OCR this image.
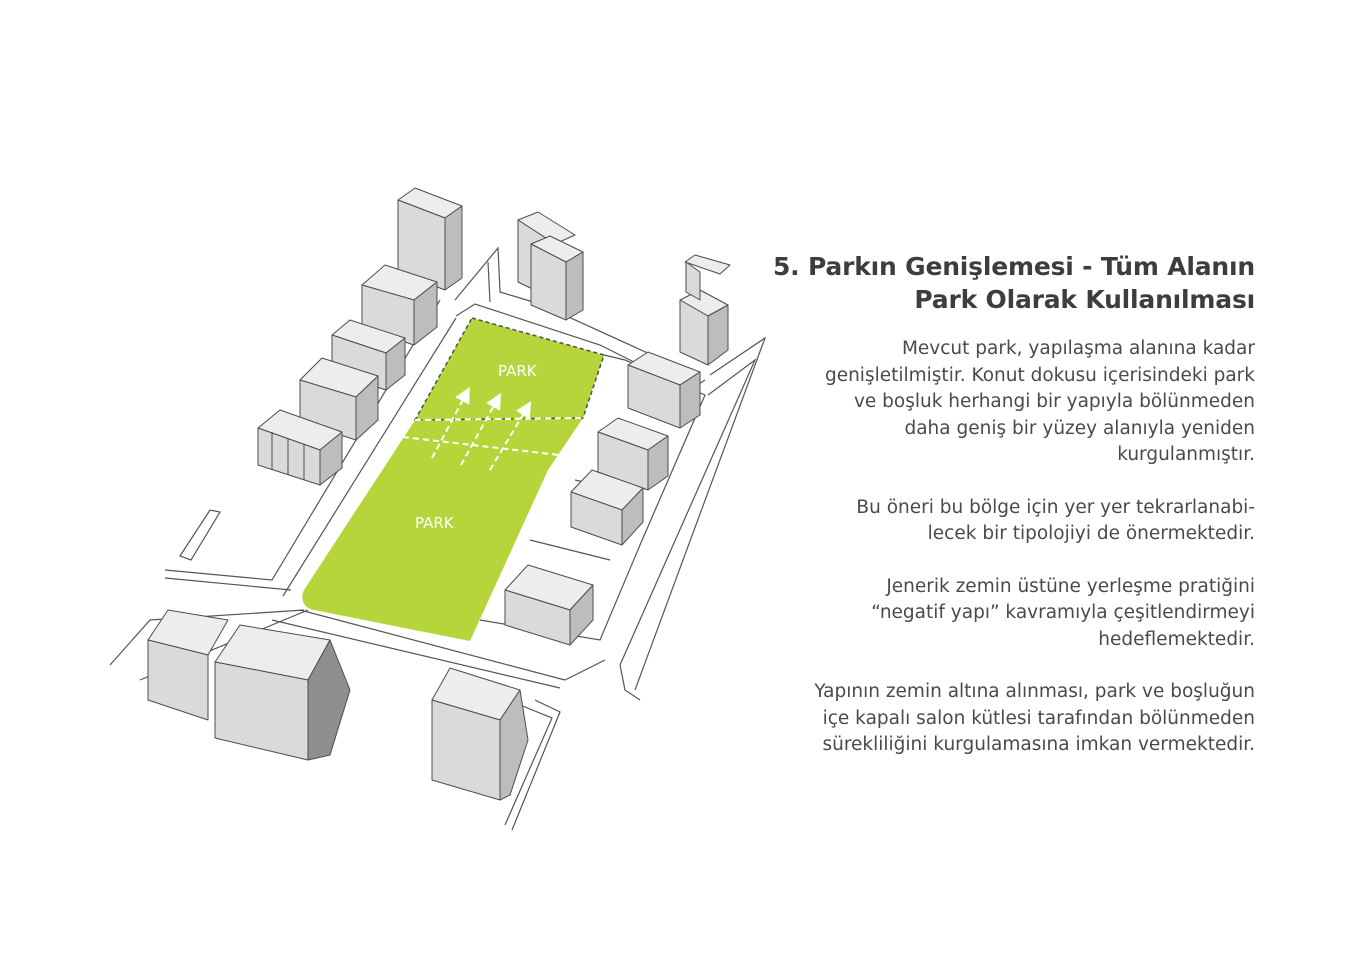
PARK
PARK
5. Parkın Genişlemesi - Tüm Alanın
Park Olarak Kullanılması
Mevcut park, yapılaşma alanına kadar
genişletilmiştir. Konut dokusu içerisindeki park
ve boşluk herhangi bir yapıyla bölünmeden
daha geniş bir yüzey alanıyla yeniden
kurgulanmıştır.
Bu öneri bu bölge için yer yer tekrarlanabi-
lecek bir tipolojiyi de önermektedir.
Jenerik zemin üstüne yerleşme pratiğini
“negatif yapı” kavramıyla çeşitlendirmeyi
hedeflemektedir.
Yapının zemin altına alınması, park ve boşluğun
içe kapalı salon kütlesi tarafından bölünmeden
sürekliliğini kurgulamasına imkan vermektedir.
